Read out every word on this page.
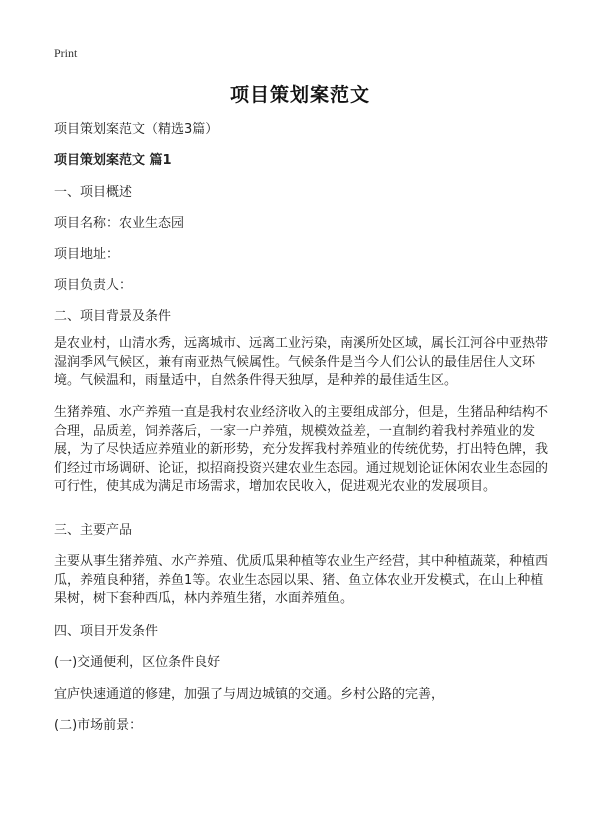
Print
项目策划案范文

项目策划案范文（精选3篇）

项目策划案范文 篇1

一、项目概述

项目名称：农业生态园

项目地址：

项目负责人：

二、项目背景及条件

是农业村，山清水秀，远离城市、远离工业污染，南溪所处区域，属长江河谷中亚热带湿润季风气候区，兼有南亚热气候属性。气候条件是当今人们公认的最佳居住人文环境。气候温和，雨量适中，自然条件得天独厚，是种养的最佳适生区。

生猪养殖、水产养殖一直是我村农业经济收入的主要组成部分，但是，生猪品种结构不合理，品质差，饲养落后，一家一户养殖，规模效益差，一直制约着我村养殖业的发展，为了尽快适应养殖业的新形势，充分发挥我村养殖业的传统优势，打出特色牌，我们经过市场调研、论证，拟招商投资兴建农业生态园。通过规划论证休闲农业生态园的可行性，使其成为满足市场需求，增加农民收入，促进观光农业的发展项目。

三、主要产品

主要从事生猪养殖、水产养殖、优质瓜果种植等农业生产经营，其中种植蔬菜，种植西瓜，养殖良种猪，养鱼1等。农业生态园以果、猪、鱼立体农业开发模式，在山上种植果树，树下套种西瓜，林内养殖生猪，水面养殖鱼。

四、项目开发条件

(一)交通便利，区位条件良好

宜庐快速通道的修建，加强了与周边城镇的交通。乡村公路的完善，

(二)市场前景：
